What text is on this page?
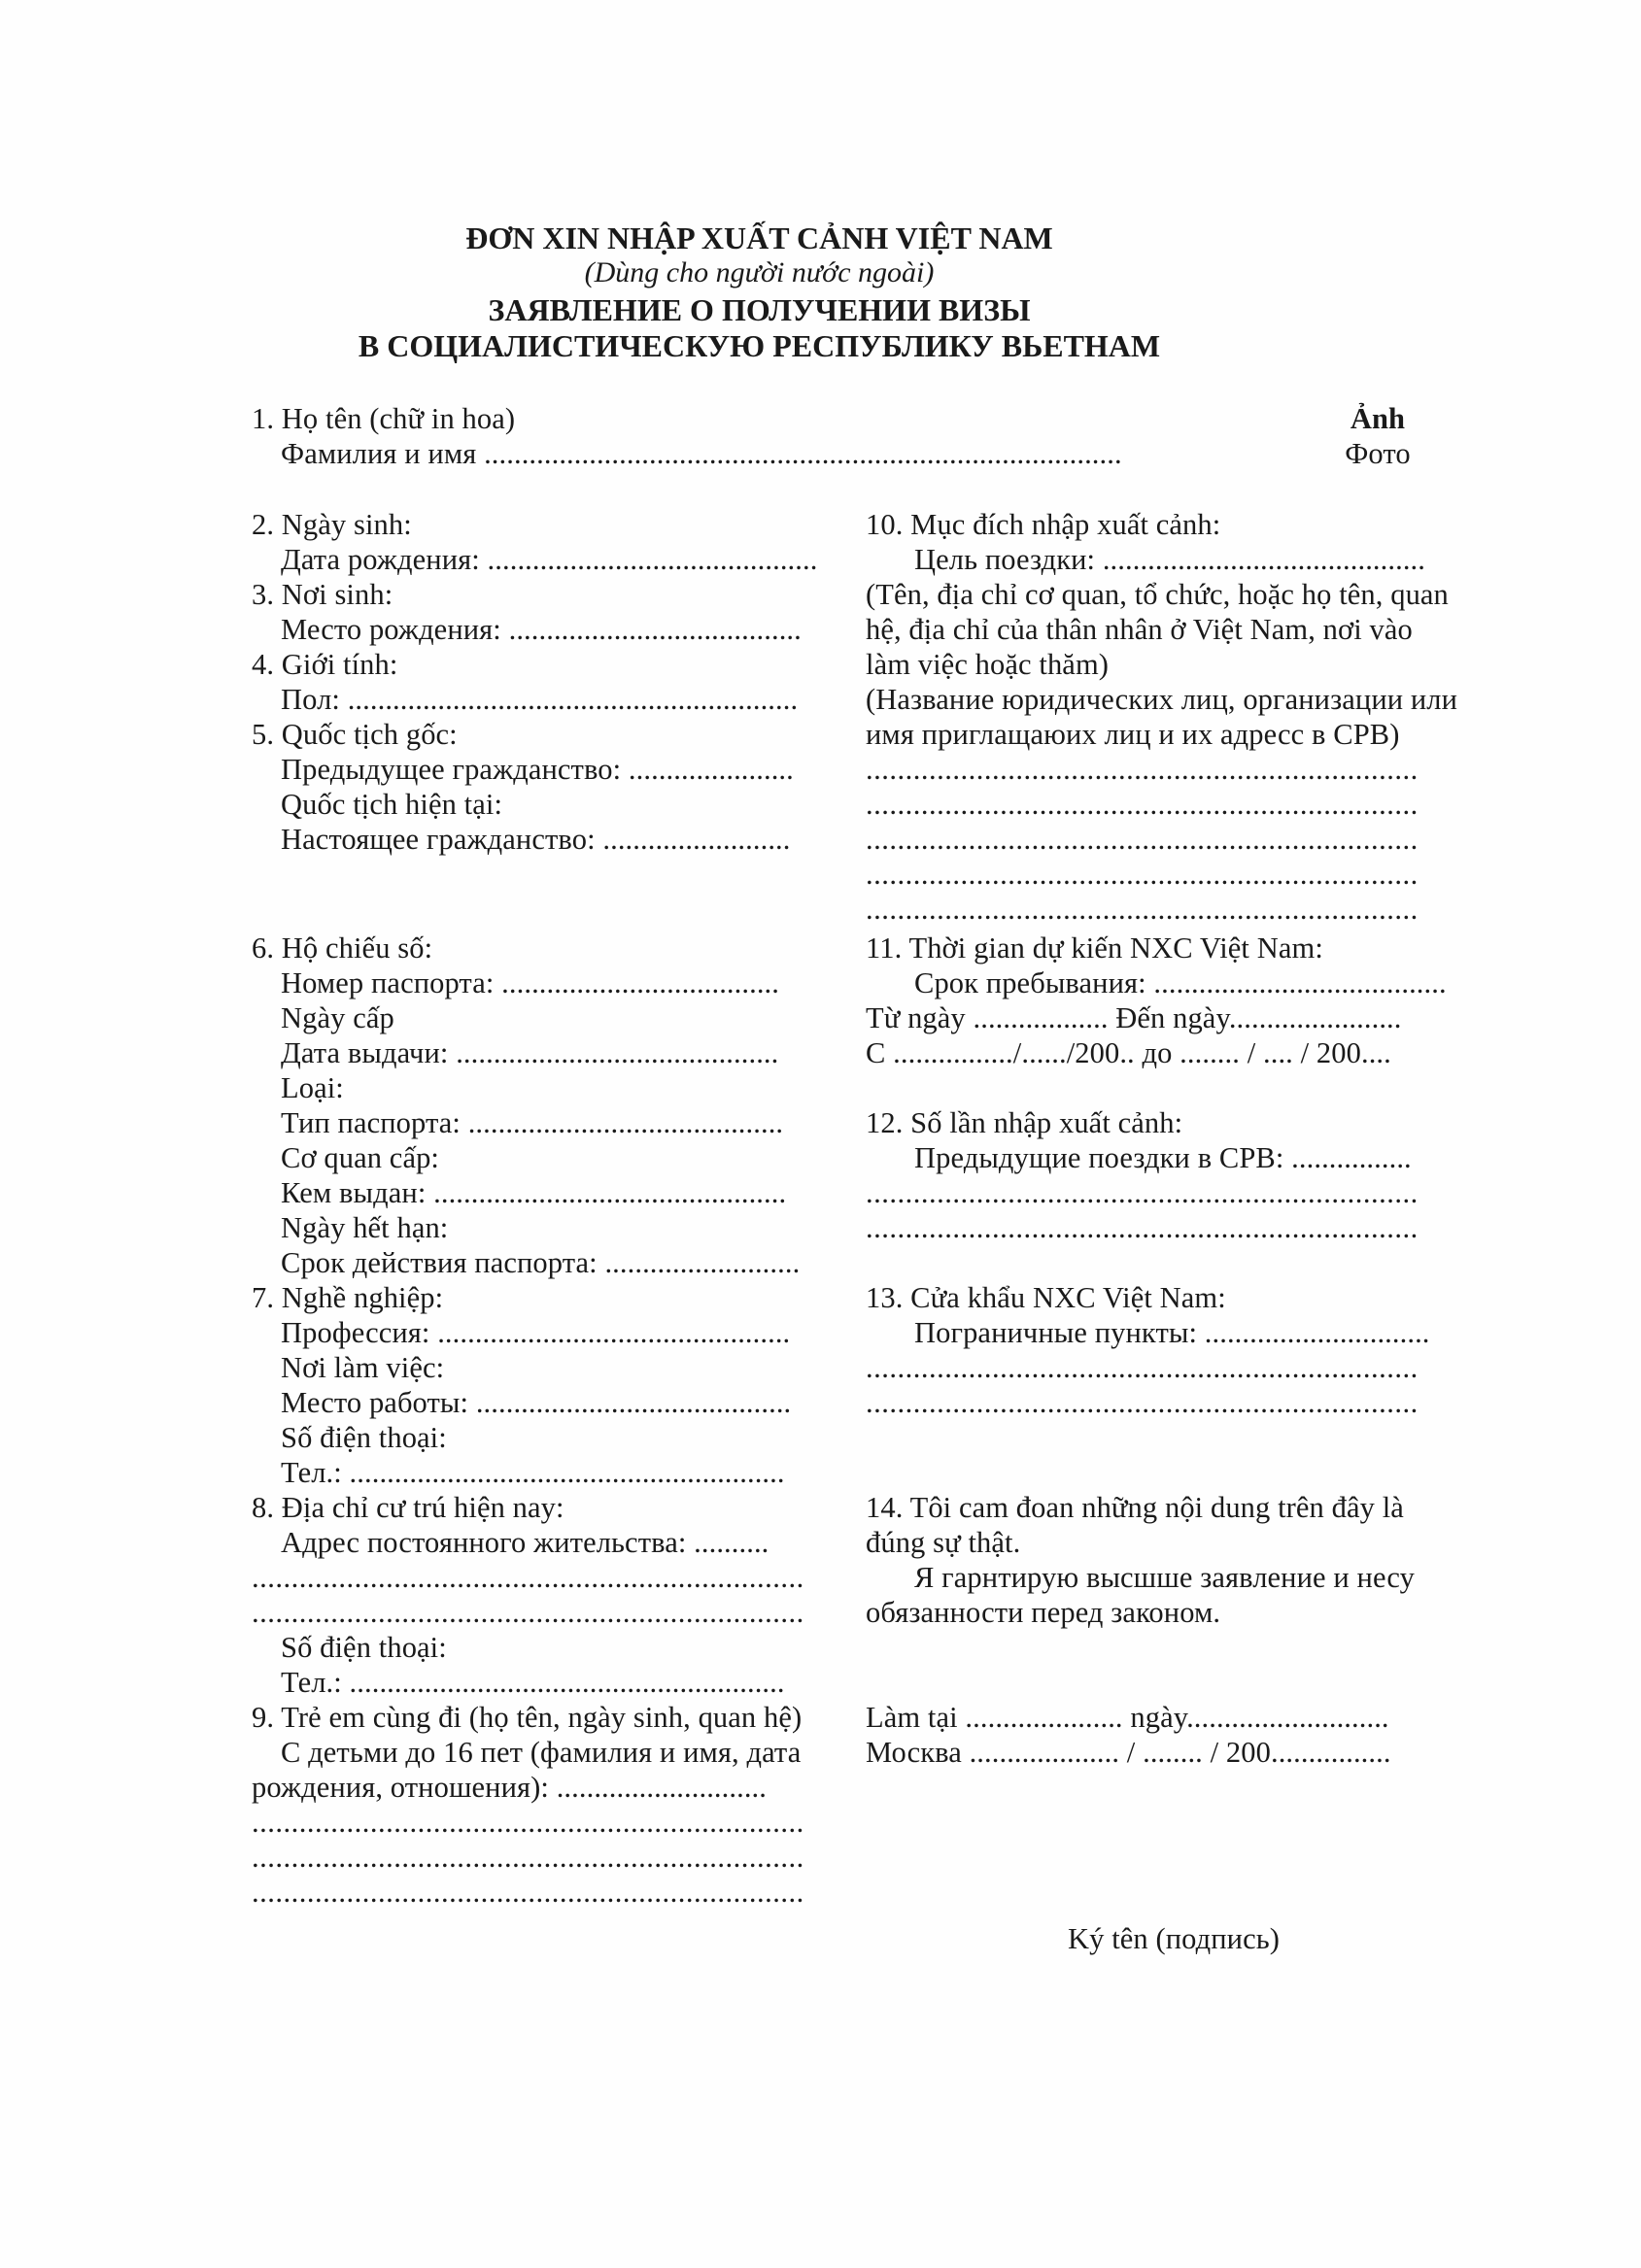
ĐƠN XIN NHẬP XUẤT CẢNH VIỆT NAM
(Dùng cho người nước ngoài)
ЗАЯВЛЕНИЕ О ПОЛУЧЕНИИ ВИЗЫ
В СОЦИАЛИСТИЧЕСКУЮ РЕСПУБЛИКУ ВЬЕТНАМ
Ảnh
Фото
1. Họ tên (chữ in hoa)
Фамилия и имя .....................................................................................
2. Ngày sinh:
Дата рождения: ............................................
3. Nơi sinh:
Место рождения: .......................................
4. Giới tính:
Пол: ............................................................
5. Quốc tịch gốc:
Предыдущее гражданство: ......................
Quốc tịch hiện tại:
Настоящее гражданство: .........................
6. Hộ chiếu số:
Номер паспорта: .....................................
Ngày cấp
Дата выдачи: ...........................................
Loại:
Тип паспорта: ..........................................
Cơ quan cấp:
Кем выдан: ...............................................
Ngày hết hạn:
Срок действия паспорта: ..........................
7. Nghề nghiệp:
Профессия: ...............................................
Nơi làm việc:
Место работы: ..........................................
Số điện thoại:
Тел.: ..........................................................
8. Địa chỉ cư trú hiện nay:
Адрес постоянного жительства: ..........
......................................................................
......................................................................
Số điện thoại:
Тел.: ..........................................................
9. Trẻ em cùng đi (họ tên, ngày sinh, quan hệ)
С детьми до 16 пет (фамилия и имя, дата
рождения, отношения): ............................
......................................................................
......................................................................
......................................................................
10. Mục đích nhập xuất cảnh:
Цель поездки: ...........................................
(Tên, địa chỉ cơ quan, tổ chức, hoặc họ tên, quan
hệ, địa chỉ của thân nhân ở Việt Nam, nơi vào
làm việc hoặc thăm)
(Название юридических лиц, организации или
имя приглащаюих лиц и их адресс в СРВ)
......................................................................
......................................................................
......................................................................
......................................................................
......................................................................
11. Thời gian dự kiến NXC Việt Nam:
Срок пребывания: .......................................
Từ ngày .................. Đến ngày.......................
С ................/....../200.. до ........ / .... / 200....
12. Số lần nhập xuất cảnh:
Предыдущие поездки в СРВ: ................
......................................................................
......................................................................
13. Cửa khẩu NXC Việt Nam:
Пограничные пункты: ..............................
......................................................................
......................................................................
14. Tôi cam đoan những nội dung trên đây là
đúng sự thật.
Я гарнтирую высшше заявление и несу
обязанности перед законом.
Làm tại ..................... ngày...........................
Москва .................... / ........ / 200................
Ký tên (подпись)
